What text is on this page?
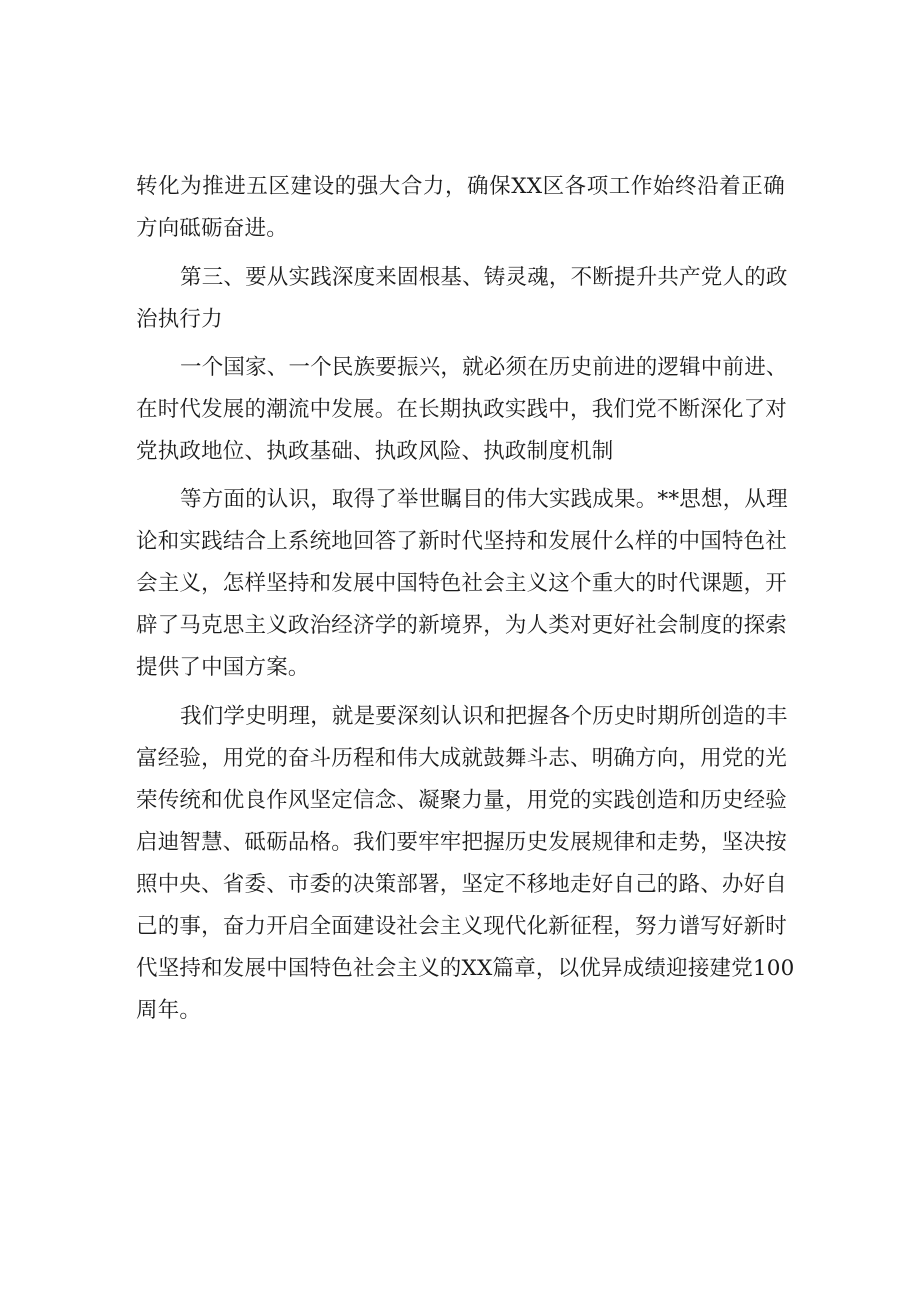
转化为推进五区建设的强大合力，确保XX区各项工作始终沿着正确

方向砥砺奋进。

第三、要从实践深度来固根基、铸灵魂，不断提升共产党人的政

治执行力

一个国家、一个民族要振兴，就必须在历史前进的逻辑中前进、

在时代发展的潮流中发展。在长期执政实践中，我们党不断深化了对

党执政地位、执政基础、执政风险、执政制度机制

等方面的认识，取得了举世瞩目的伟大实践成果。**思想，从理

论和实践结合上系统地回答了新时代坚持和发展什么样的中国特色社

会主义，怎样坚持和发展中国特色社会主义这个重大的时代课题，开

辟了马克思主义政治经济学的新境界，为人类对更好社会制度的探索

提供了中国方案。

我们学史明理，就是要深刻认识和把握各个历史时期所创造的丰

富经验，用党的奋斗历程和伟大成就鼓舞斗志、明确方向，用党的光

荣传统和优良作风坚定信念、凝聚力量，用党的实践创造和历史经验

启迪智慧、砥砺品格。我们要牢牢把握历史发展规律和走势，坚决按

照中央、省委、市委的决策部署，坚定不移地走好自己的路、办好自

己的事，奋力开启全面建设社会主义现代化新征程，努力谱写好新时

代坚持和发展中国特色社会主义的XX篇章，以优异成绩迎接建党100

周年。
